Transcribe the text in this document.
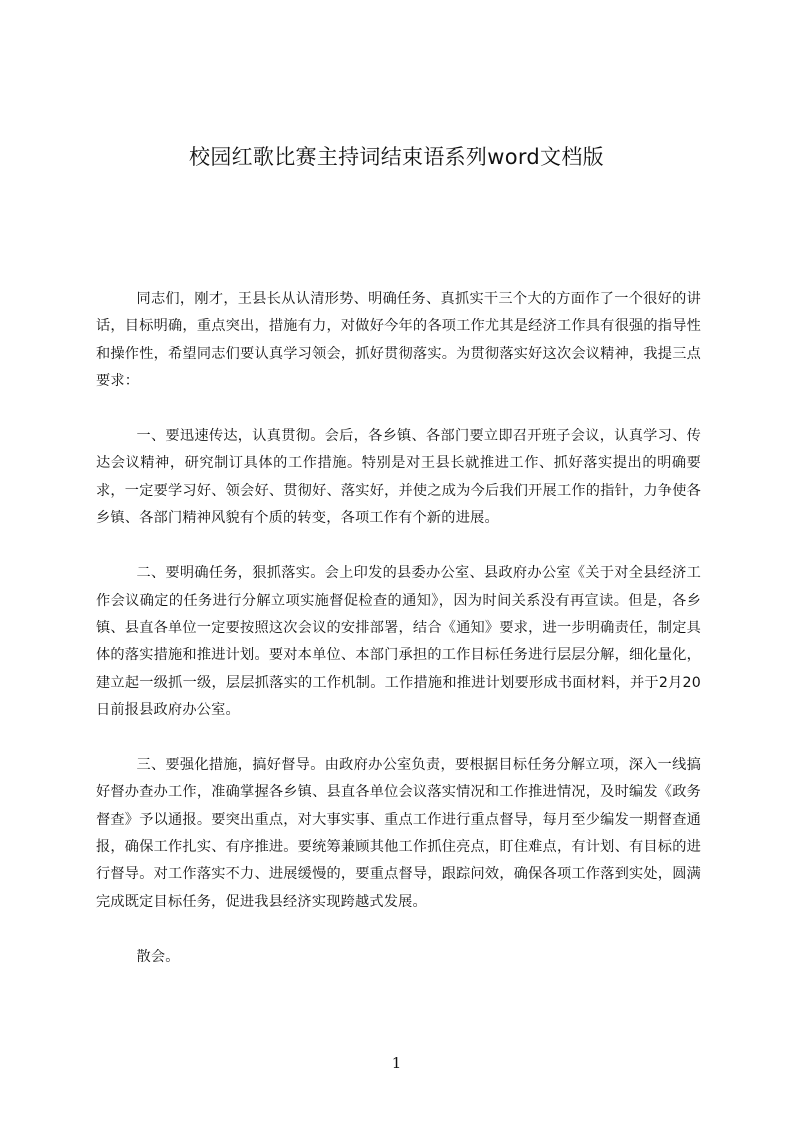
校园红歌比赛主持词结束语系列word文档版

同志们，刚才，王县长从认清形势、明确任务、真抓实干三个大的方面作了一个很好的讲话，目标明确，重点突出，措施有力，对做好今年的各项工作尤其是经济工作具有很强的指导性和操作性，希望同志们要认真学习领会，抓好贯彻落实。为贯彻落实好这次会议精神，我提三点要求：

一、要迅速传达，认真贯彻。会后，各乡镇、各部门要立即召开班子会议，认真学习、传达会议精神，研究制订具体的工作措施。特别是对王县长就推进工作、抓好落实提出的明确要求，一定要学习好、领会好、贯彻好、落实好，并使之成为今后我们开展工作的指针，力争使各乡镇、各部门精神风貌有个质的转变，各项工作有个新的进展。

二、要明确任务，狠抓落实。会上印发的县委办公室、县政府办公室《关于对全县经济工作会议确定的任务进行分解立项实施督促检查的通知》，因为时间关系没有再宣读。但是，各乡镇、县直各单位一定要按照这次会议的安排部署，结合《通知》要求，进一步明确责任，制定具体的落实措施和推进计划。要对本单位、本部门承担的工作目标任务进行层层分解，细化量化，建立起一级抓一级，层层抓落实的工作机制。工作措施和推进计划要形成书面材料，并于2月20日前报县政府办公室。

三、要强化措施，搞好督导。由政府办公室负责，要根据目标任务分解立项，深入一线搞好督办查办工作，准确掌握各乡镇、县直各单位会议落实情况和工作推进情况，及时编发《政务督查》予以通报。要突出重点，对大事实事、重点工作进行重点督导，每月至少编发一期督查通报，确保工作扎实、有序推进。要统筹兼顾其他工作抓住亮点，盯住难点，有计划、有目标的进行督导。对工作落实不力、进展缓慢的，要重点督导，跟踪问效，确保各项工作落到实处，圆满完成既定目标任务，促进我县经济实现跨越式发展。

散会。

1
